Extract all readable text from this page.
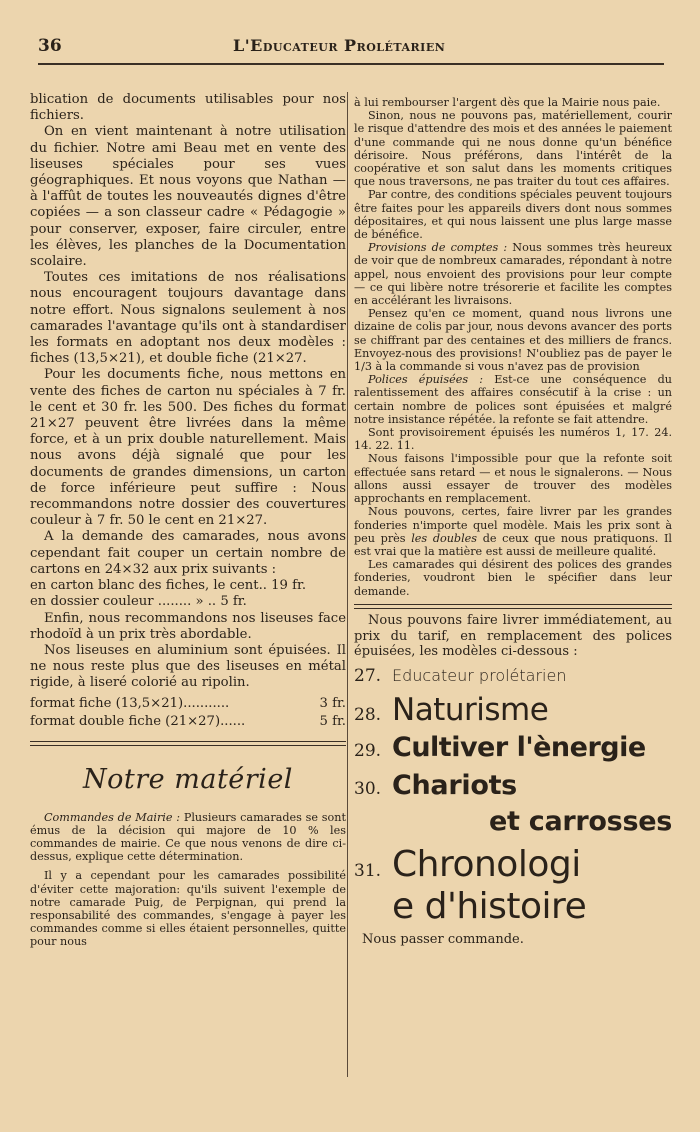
36	L'Educateur Prolétarien

blication de documents utilisables pour nos fichiers.

On en vient maintenant à notre utilisation du fichier. Notre ami Beau met en vente des liseuses spéciales pour ses vues géographiques. Et nous voyons que Nathan — à l'affût de toutes les nouveautés dignes d'être copiées — a son classeur cadre « Pédagogie » pour conserver, exposer, faire circuler, entre les élèves, les planches de la Documentation scolaire.

Toutes ces imitations de nos réalisations nous encouragent toujours davantage dans notre effort. Nous signalons seulement à nos camarades l'avantage qu'ils ont à standardiser les formats en adoptant nos deux modèles : fiches (13,5×21), et double fiche (21×27.

Pour les documents fiche, nous mettons en vente des fiches de carton nu spéciales à 7 fr. le cent et 30 fr. les 500. Des fiches du format 21×27 peuvent être livrées dans la même force, et à un prix double naturellement. Mais nous avons déjà signalé que pour les documents de grandes dimensions, un carton de force inférieure peut suffire : Nous recommandons notre dossier des couvertures couleur à 7 fr. 50 le cent en 21×27.

A la demande des camarades, nous avons cependant fait couper un certain nombre de cartons en 24×32 aux prix suivants :

en carton blanc des fiches, le cent.. 19 fr.

en dossier couleur ........ » .. 5 fr.

Enfin, nous recommandons nos liseuses face rhodoïd à un prix très abordable.

Nos liseuses en aluminium sont épuisées. Il ne nous reste plus que des liseuses en métal rigide, à liseré colorié au ripolin.

format fiche (13,5×21)...........	3 fr.
format double fiche (21×27)......	5 fr.
Notre matériel

Commandes de Mairie : Plusieurs camarades se sont émus de la décision qui majore de 10 % les commandes de mairie. Ce que nous venons de dire ci-dessus, explique cette détermination.

Il y a cependant pour les camarades possibilité d'éviter cette majoration: qu'ils suivent l'exemple de notre camarade Puig, de Perpignan, qui prend la responsabilité des commandes, s'engage à payer les commandes comme si elles étaient personnelles, quitte pour nous

à lui rembourser l'argent dès que la Mairie nous paie.

Sinon, nous ne pouvons pas, matériellement, courir le risque d'attendre des mois et des années le paiement d'une commande qui ne nous donne qu'un bénéfice dérisoire. Nous préférons, dans l'intérêt de la coopérative et son salut dans les moments critiques que nous traversons, ne pas traiter du tout ces affaires.

Par contre, des conditions spéciales peuvent toujours être faites pour les appareils divers dont nous sommes dépositaires, et qui nous laissent une plus large masse de bénéfice.

Provisions de comptes : Nous sommes très heureux de voir que de nombreux camarades, répondant à notre appel, nous envoient des provisions pour leur compte — ce qui libère notre trésorerie et facilite les comptes en accélérant les livraisons.

Pensez qu'en ce moment, quand nous livrons une dizaine de colis par jour, nous devons avancer des ports se chiffrant par des centaines et des milliers de francs. Envoyez-nous des provisions! N'oubliez pas de payer le 1/3 à la commande si vous n'avez pas de provision

Polices épuisées : Est-ce une conséquence du ralentissement des affaires consécutif à la crise : un certain nombre de polices sont épuisées et malgré notre insistance répétée. la refonte se fait attendre.

Sont provisoirement épuisés les numéros 1, 17. 24. 14. 22. 11.

Nous faisons l'impossible pour que la refonte soit effectuée sans retard — et nous le signalerons. — Nous allons aussi essayer de trouver des modèles approchants en remplacement.

Nous pouvons, certes, faire livrer par les grandes fonderies n'importe quel modèle. Mais les prix sont à peu près les doubles de ceux que nous pratiquons. Il est vrai que la matière est aussi de meilleure qualité.

Les camarades qui désirent des polices des grandes fonderies, voudront bien le spécifier dans leur demande.

Nous pouvons faire livrer immédiatement, au prix du tarif, en remplacement des polices épuisées, les modèles ci-dessous :

27. Educateur prolétarien
28. Naturisme
29. Cultiver l'ènergie
30. Chariots
et carrosses
31. Chronologi
e d'histoire

Nous passer commande.
